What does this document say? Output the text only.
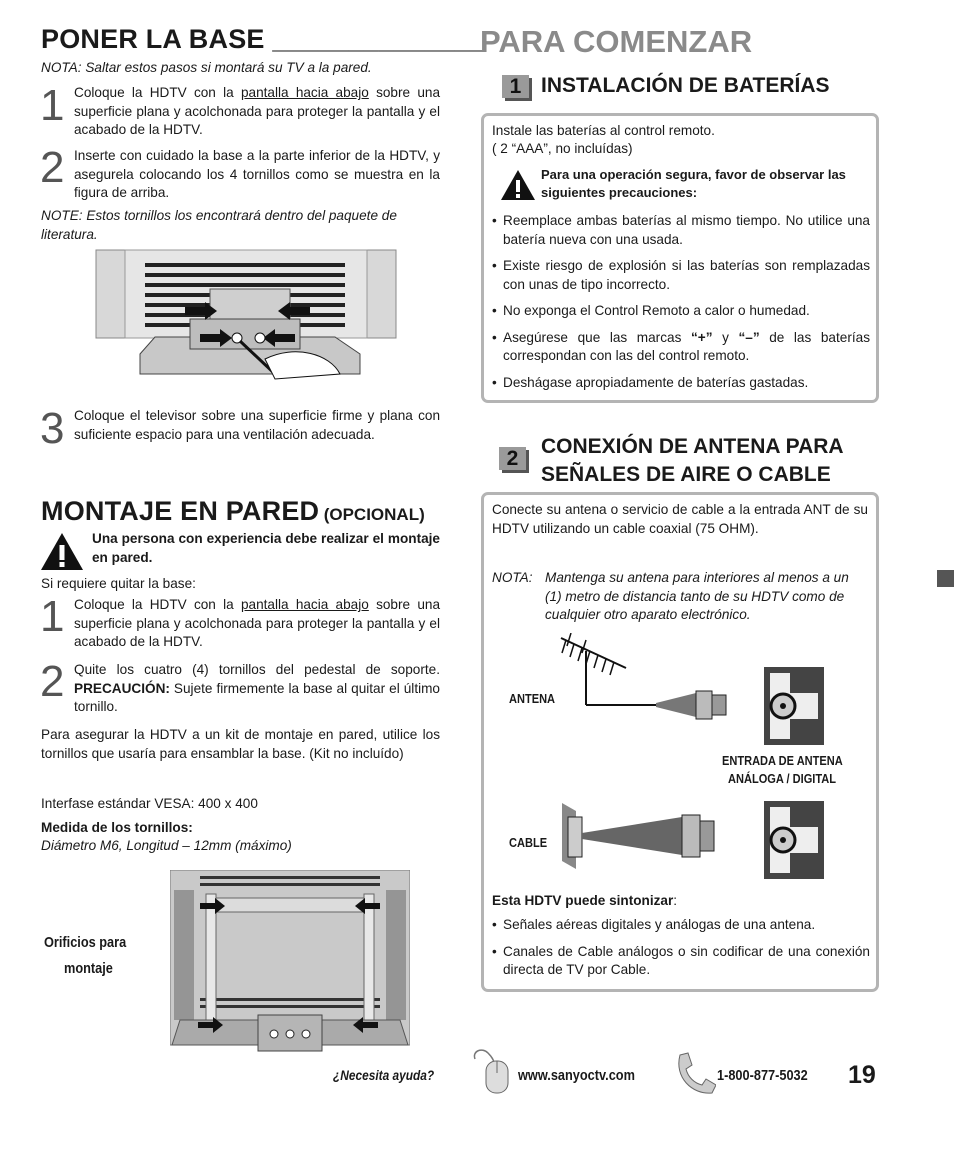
PONER LA BASE ______________
NOTA: Saltar estos pasos si montará su TV a la pared.
1 Coloque la HDTV con la pantalla hacia abajo sobre una superficie plana y acolchonada para proteger la pantalla y el acabado de la HDTV.
2 Inserte con cuidado la base a la parte inferior de la HDTV, y asegurela colocando los 4 tornillos como se muestra en la figura de arriba.
NOTE: Estos tornillos los encontrará dentro del paquete de literatura.
3 Coloque el televisor sobre una superficie firme y plana con suficiente espacio para una ventilación adecuada.
MONTAJE EN PARED (OPCIONAL)
Una persona con experiencia debe realizar el montaje en pared.
Si requiere quitar la base:
1 Coloque la HDTV con la pantalla hacia abajo sobre una superficie plana y acolchonada para proteger la pantalla y el acabado de la HDTV.
2 Quite los cuatro (4) tornillos del pedestal de soporte. PRECAUCIÓN: Sujete firmemente la base al quitar el último tornillo.
Para asegurar la HDTV a un kit de montaje en pared, utilice los tornillos que usaría para ensamblar la base. (Kit no incluído)
Interfase estándar VESA: 400 x 400
Medida de los tornillos:
Diámetro M6, Longitud – 12mm (máximo)
Orificios para
montaje
PARA COMENZAR
1 INSTALACIÓN DE BATERÍAS
Instale las baterías al control remoto.
( 2 “AAA”, no incluídas)
Para una operación segura, favor de observar las siguientes precauciones:

• Reemplace ambas baterías al mismo tiempo. No utilice una batería nueva con una usada.

• Existe riesgo de explosión si las baterías son remplazadas con unas de tipo incorrecto.

• No exponga el Control Remoto a calor o humedad.

• Asegúrese que las marcas “+” y “–” de las baterías correspondan con las del control remoto.

• Deshágase apropiadamente de baterías gastadas.

2
CONEXIÓN DE ANTENA PARA
SEÑALES DE AIRE O CABLE
Conecte su antena o servicio de cable a la entrada ANT de su HDTV utilizando un cable coaxial (75 OHM).
NOTA: Mantenga su antena para interiores al menos a un (1) metro de distancia tanto de su HDTV como de cualquier otro aparato electrónico.
ANTENA
ENTRADA DE ANTENA
ANÁLOGA / DIGITAL
CABLE
Esta HDTV puede sintonizar:

• Señales aéreas digitales y análogas de una antena.

• Canales de Cable análogos o sin codificar de una conexión directa de TV por Cable.

¿Necesita ayuda?	www.sanyoctv.com	1-800-877-5032 19
